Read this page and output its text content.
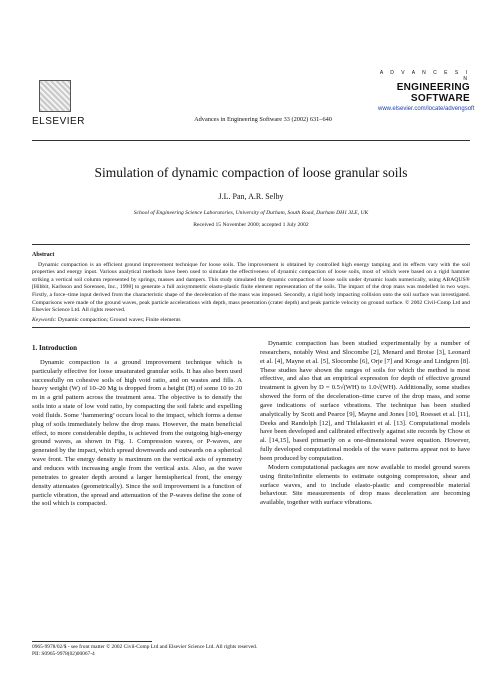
ELSEVIER	Advances in Engineering Software 33 (2002) 631–640
A D V A N C E S I N
ENGINEERING
SOFTWARE
www.elsevier.com/locate/advengsoft
Simulation of dynamic compaction of loose granular soils
J.L. Pan, A.R. Selby
School of Engineering Science Laboratories, University of Durham, South Road, Durham DH1 3LE, UK
Received 15 November 2000; accepted 1 July 2002
Abstract

Dynamic compaction is an efficient ground improvement technique for loose soils. The improvement is obtained by controlled high energy tamping and its effects vary with the soil properties and energy input. Various analytical methods have been used to simulate the effectiveness of dynamic compaction of loose soils, most of which were based on a rigid hammer striking a vertical soil column represented by springs, masses and dampers. This study simulated the dynamic compaction of loose soils under dynamic loads numerically, using ABAQUS® [Hibbit, Karlsson and Sorensen, Inc., 1998] to generate a full axisymmetric elasto-plastic finite element representation of the soils. The impact of the drop mass was modelled in two ways. Firstly, a force–time input derived from the characteristic shape of the deceleration of the mass was imposed. Secondly, a rigid body impacting collision onto the soil surface was investigated. Comparisons were made of the ground waves, peak particle accelerations with depth, mass penetration (crater depth) and peak particle velocity on ground surface. © 2002 Civil-Comp Ltd and Elsevier Science Ltd. All rights reserved.

Keywords: Dynamic compaction; Ground waves; Finite elements
1. Introduction

Dynamic compaction is a ground improvement technique which is particularly effective for loose unsaturated granular soils. It has also been used successfully on cohesive soils of high void ratio, and on wastes and fills. A heavy weight (W) of 10–20 Mg is dropped from a height (H) of some 10 to 20 m in a grid pattern across the treatment area. The objective is to densify the soils into a state of low void ratio, by compacting the soil fabric and expelling void fluids. Some ‘hammering’ occurs local to the impact, which forms a dense plug of soils immediately below the drop mass. However, the main beneficial effect, to more considerable depths, is achieved from the outgoing high-energy ground waves, as shown in Fig. 1. Compression waves, or P-waves, are generated by the impact, which spread downwards and outwards on a spherical wave front. The energy density is maximum on the vertical axis of symmetry and reduces with increasing angle from the vertical axis. Also, as the wave penetrates to greater depth around a larger hemispherical front, the energy density attenuates (geometrically). Since the soil improvement is a function of particle vibration, the spread and attenuation of the P-waves define the zone of the soil which is compacted.

Dynamic compaction has been studied experimentally by a number of researchers, notably West and Slocombe [2], Menard and Broise [3], Leonard et al. [4], Mayne et al. [5], Slocombe [6], Orje [7] and Kroge and Lindgren [8]. These studies have shown the ranges of soils for which the method is most effective, and also that an empirical expression for depth of effective ground treatment is given by D = 0.5√(WH) to 1.0√(WH). Additionally, some studies showed the form of the deceleration–time curve of the drop mass, and some gave indications of surface vibrations. The technique has been studied analytically by Scott and Pearce [9], Mayne and Jones [10], Roesset et al. [11], Deeks and Randolph [12], and Thilakasiri et al. [13]. Computational models have been developed and calibrated effectively against site records by Chow et al. [14,15], based primarily on a one-dimensional wave equation. However, fully developed computational models of the wave patterns appear not to have been produced by computation.

Modern computational packages are now available to model ground waves using finite/infinite elements to estimate outgoing compression, shear and surface waves, and to include elasto-plastic and compressible material behaviour. Site measurements of drop mass deceleration are becoming available, together with surface vibrations.

0965-9978/02/$ - see front matter © 2002 Civil-Comp Ltd and Elsevier Science Ltd. All rights reserved.
PII: S0965-9978(02)00067-4
